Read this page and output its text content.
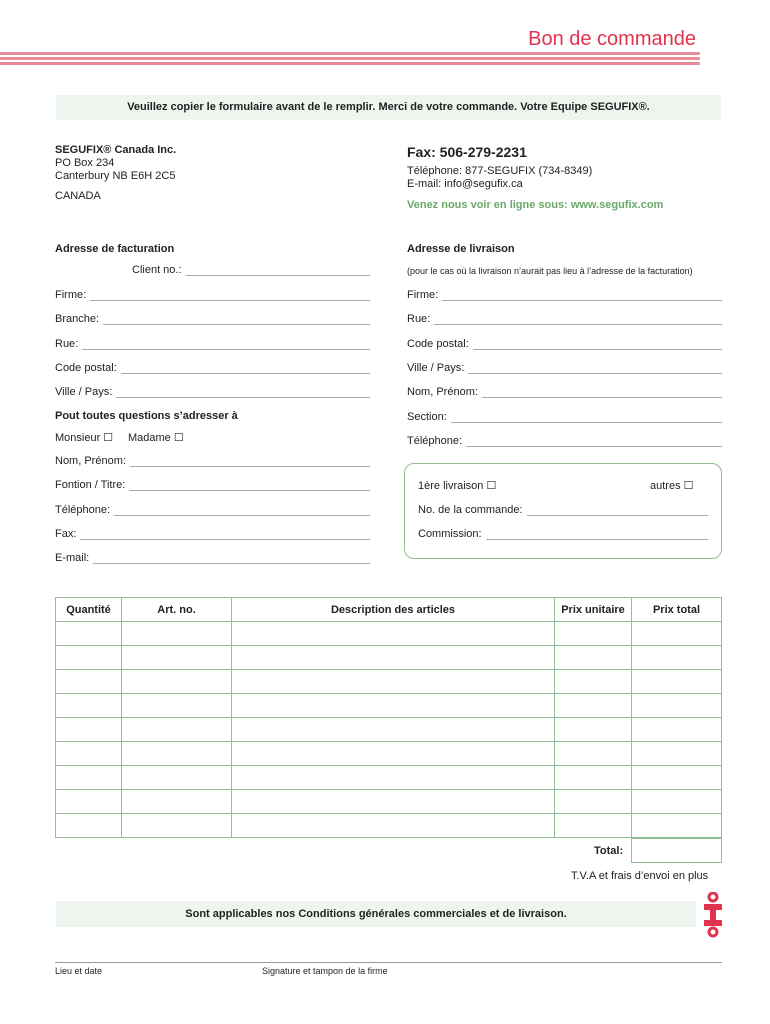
Bon de commande
Veuillez copier le formulaire avant de le remplir. Merci de votre commande. Votre Equipe SEGUFIX®.
SEGUFIX® Canada Inc.
PO Box 234
Canterbury NB E6H 2C5
CANADA
Fax: 506-279-2231
Téléphone: 877-SEGUFIX (734-8349)
E-mail: info@segufix.ca
Venez nous voir en ligne sous: www.segufix.com
Adresse de facturation
Client no.:
Firme:
Branche:
Rue:
Code postal:
Ville / Pays:
Pout toutes questions s’adresser à
Monsieur ☐ Madame ☐
Nom, Prénom:
Fontion / Titre:
Téléphone:
Fax:
E-mail:
Adresse de livraison
(pour le cas où la livraison n’aurait pas lieu à l’adresse de la facturation)
Firme:
Rue:
Code postal:
Ville / Pays:
Nom, Prénom:
Section:
Téléphone:
1ère livraison ☐	autres ☐
No. de la commande:
Commission:
Quantité	Art. no.	Description des articles	Prix unitaire	Prix total

Total:
T.V.A et frais d’envoi en plus
Sont applicables nos Conditions générales commerciales et de livraison.
Lieu et date	Signature et tampon de la firme
